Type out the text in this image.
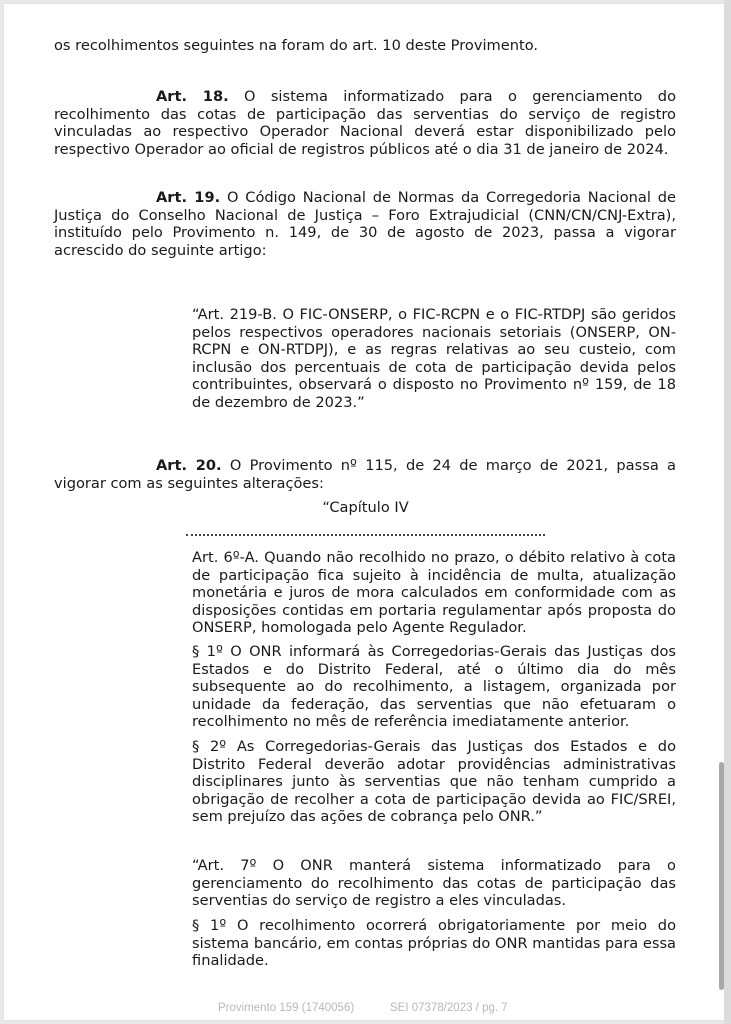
os recolhimentos seguintes na foram do art. 10 deste Provimento.

Art. 18. O sistema informatizado para o gerenciamento do recolhimento das cotas de participação das serventias do serviço de registro vinculadas ao respectivo Operador Nacional deverá estar disponibilizado pelo respectivo Operador ao oficial de registros públicos até o dia 31 de janeiro de 2024.

Art. 19. O Código Nacional de Normas da Corregedoria Nacional de Justiça do Conselho Nacional de Justiça – Foro Extrajudicial (CNN/CN/CNJ-Extra), instituído pelo Provimento n. 149, de 30 de agosto de 2023, passa a vigorar acrescido do seguinte artigo:

“Art. 219-B. O FIC-ONSERP, o FIC-RCPN e o FIC-RTDPJ são geridos pelos respectivos operadores nacionais setoriais (ONSERP, ON-RCPN e ON-RTDPJ), e as regras relativas ao seu custeio, com inclusão dos percentuais de cota de participação devida pelos contribuintes, observará o disposto no Provimento nº 159, de 18 de dezembro de 2023.”

Art. 20. O Provimento nº 115, de 24 de março de 2021, passa a vigorar com as seguintes alterações:

“Capítulo IV

Art. 6º-A. Quando não recolhido no prazo, o débito relativo à cota de participação fica sujeito à incidência de multa, atualização monetária e juros de mora calculados em conformidade com as disposições contidas em portaria regulamentar após proposta do ONSERP, homologada pelo Agente Regulador.

§ 1º O ONR informará às Corregedorias-Gerais das Justiças dos Estados e do Distrito Federal, até o último dia do mês subsequente ao do recolhimento, a listagem, organizada por unidade da federação, das serventias que não efetuaram o recolhimento no mês de referência imediatamente anterior.

§ 2º As Corregedorias-Gerais das Justiças dos Estados e do Distrito Federal deverão adotar providências administrativas disciplinares junto às serventias que não tenham cumprido a obrigação de recolher a cota de participação devida ao FIC/SREI, sem prejuízo das ações de cobrança pelo ONR.”

“Art. 7º O ONR manterá sistema informatizado para o gerenciamento do recolhimento das cotas de participação das serventias do serviço de registro a eles vinculadas.

§ 1º O recolhimento ocorrerá obrigatoriamente por meio do sistema bancário, em contas próprias do ONR mantidas para essa finalidade.

Provimento 159 (1740056)	SEI 07378/2023 / pg. 7
